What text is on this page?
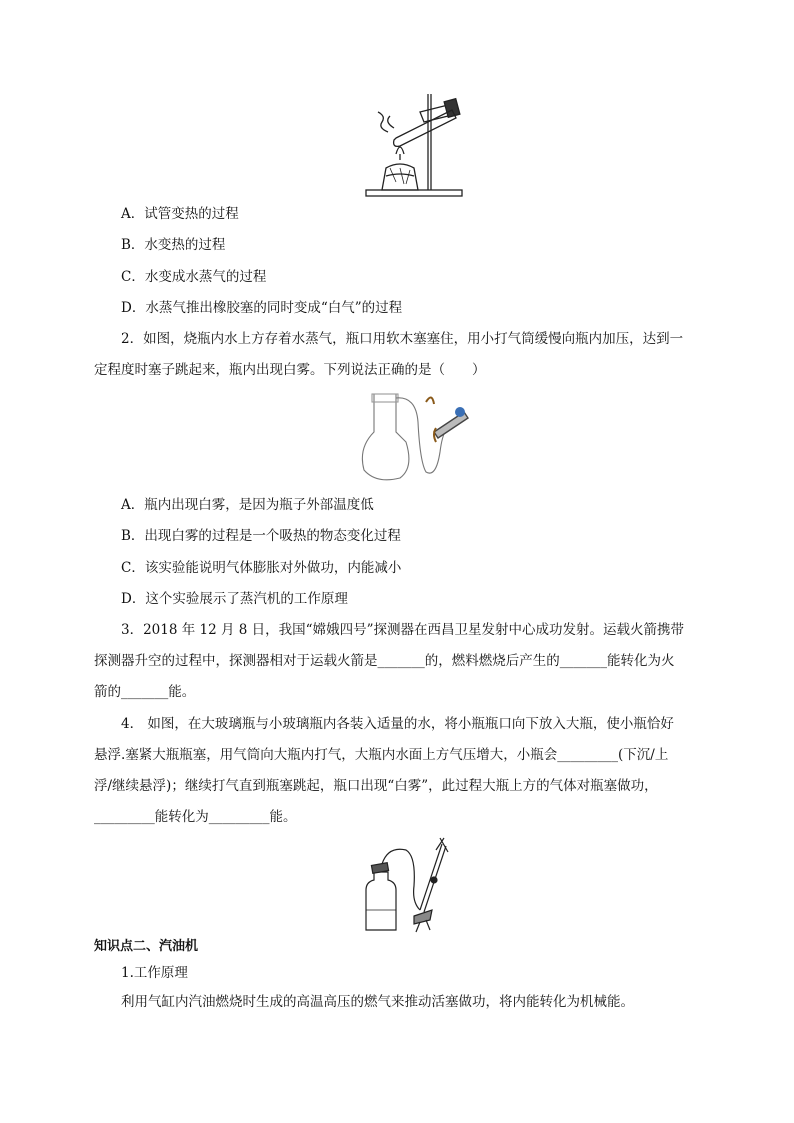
A．试管变热的过程
B．水变热的过程
C．水变成水蒸气的过程
D．水蒸气推出橡胶塞的同时变成“白气”的过程
2．如图，烧瓶内水上方存着水蒸气，瓶口用软木塞塞住，用小打气筒缓慢向瓶内加压，达到一
定程度时塞子跳起来，瓶内出现白雾。下列说法正确的是（　　）
A．瓶内出现白雾，是因为瓶子外部温度低
B．出现白雾的过程是一个吸热的物态变化过程
C．该实验能说明气体膨胀对外做功，内能减小
D．这个实验展示了蒸汽机的工作原理
3．2018 年 12 月 8 日，我国“嫦娥四号”探测器在西昌卫星发射中心成功发射。运载火箭携带
探测器升空的过程中，探测器相对于运载火箭是_______的，燃料燃烧后产生的_______能转化为火
箭的_______能。
4． 如图，在大玻璃瓶与小玻璃瓶内各装入适量的水，将小瓶瓶口向下放入大瓶，使小瓶恰好
悬浮.塞紧大瓶瓶塞，用气筒向大瓶内打气，大瓶内水面上方气压增大，小瓶会_________(下沉/上
浮/继续悬浮)；继续打气直到瓶塞跳起，瓶口出现“白雾”，此过程大瓶上方的气体对瓶塞做功，
_________能转化为_________能。
知识点二、汽油机
1.工作原理
利用气缸内汽油燃烧时生成的高温高压的燃气来推动活塞做功，将内能转化为机械能。
